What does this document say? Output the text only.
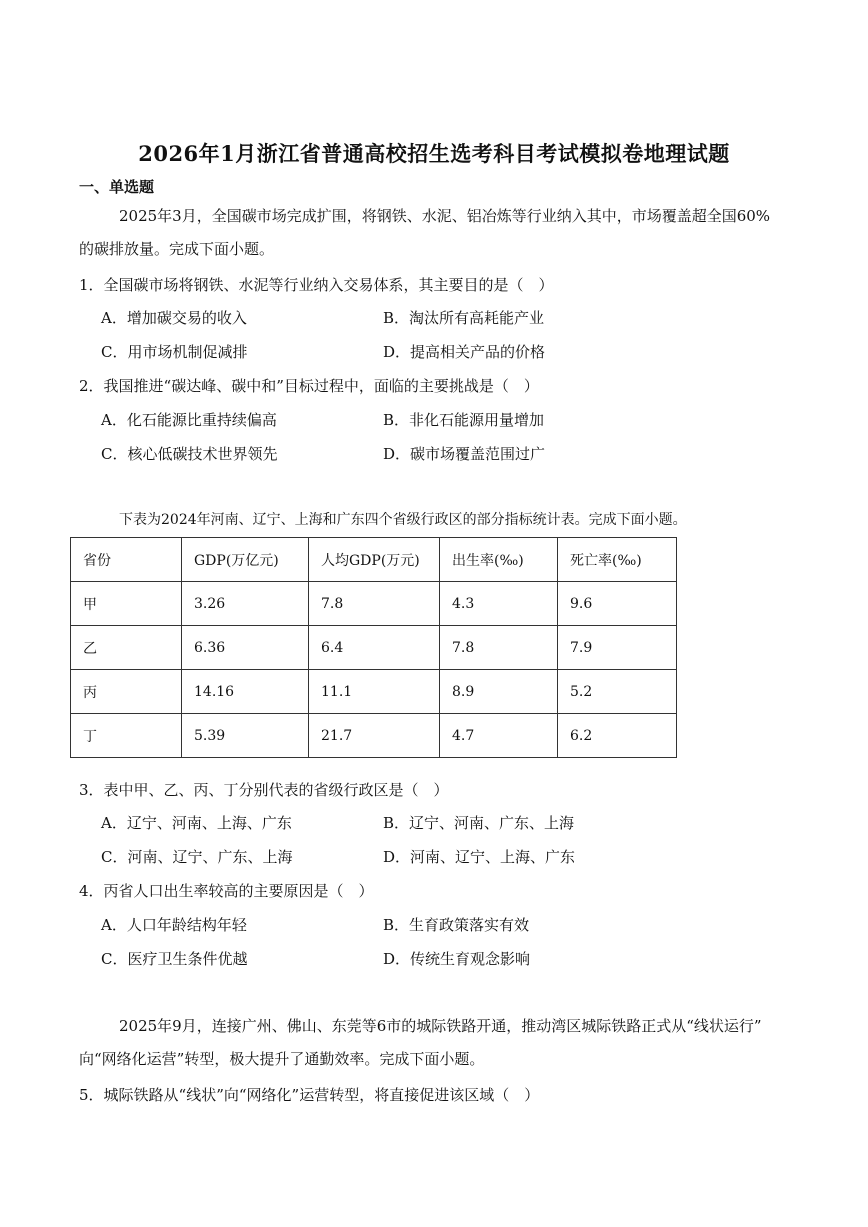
2026年1月浙江省普通高校招生选考科目考试模拟卷地理试题
一、单选题
2025年3月，全国碳市场完成扩围，将钢铁、水泥、铝冶炼等行业纳入其中，市场覆盖超全国60%
的碳排放量。完成下面小题。
1．全国碳市场将钢铁、水泥等行业纳入交易体系，其主要目的是（　）
A．增加碳交易的收入	B．淘汰所有高耗能产业
C．用市场机制促减排	D．提高相关产品的价格
2．我国推进“碳达峰、碳中和”目标过程中，面临的主要挑战是（　）
A．化石能源比重持续偏高	B．非化石能源用量增加
C．核心低碳技术世界领先	D．碳市场覆盖范围过广
下表为2024年河南、辽宁、上海和广东四个省级行政区的部分指标统计表。完成下面小题。
省份	GDP(万亿元)	人均GDP(万元)	出生率(‰)	死亡率(‰)
甲	3.26	7.8	4.3	9.6
乙	6.36	6.4	7.8	7.9
丙	14.16	11.1	8.9	5.2
丁	5.39	21.7	4.7	6.2
3．表中甲、乙、丙、丁分别代表的省级行政区是（　）
A．辽宁、河南、上海、广东	B．辽宁、河南、广东、上海
C．河南、辽宁、广东、上海	D．河南、辽宁、上海、广东
4．丙省人口出生率较高的主要原因是（　）
A．人口年龄结构年轻	B．生育政策落实有效
C．医疗卫生条件优越	D．传统生育观念影响
2025年9月，连接广州、佛山、东莞等6市的城际铁路开通，推动湾区城际铁路正式从“线状运行”
向“网络化运营”转型，极大提升了通勤效率。完成下面小题。
5．城际铁路从“线状”向“网络化”运营转型，将直接促进该区域（　）
